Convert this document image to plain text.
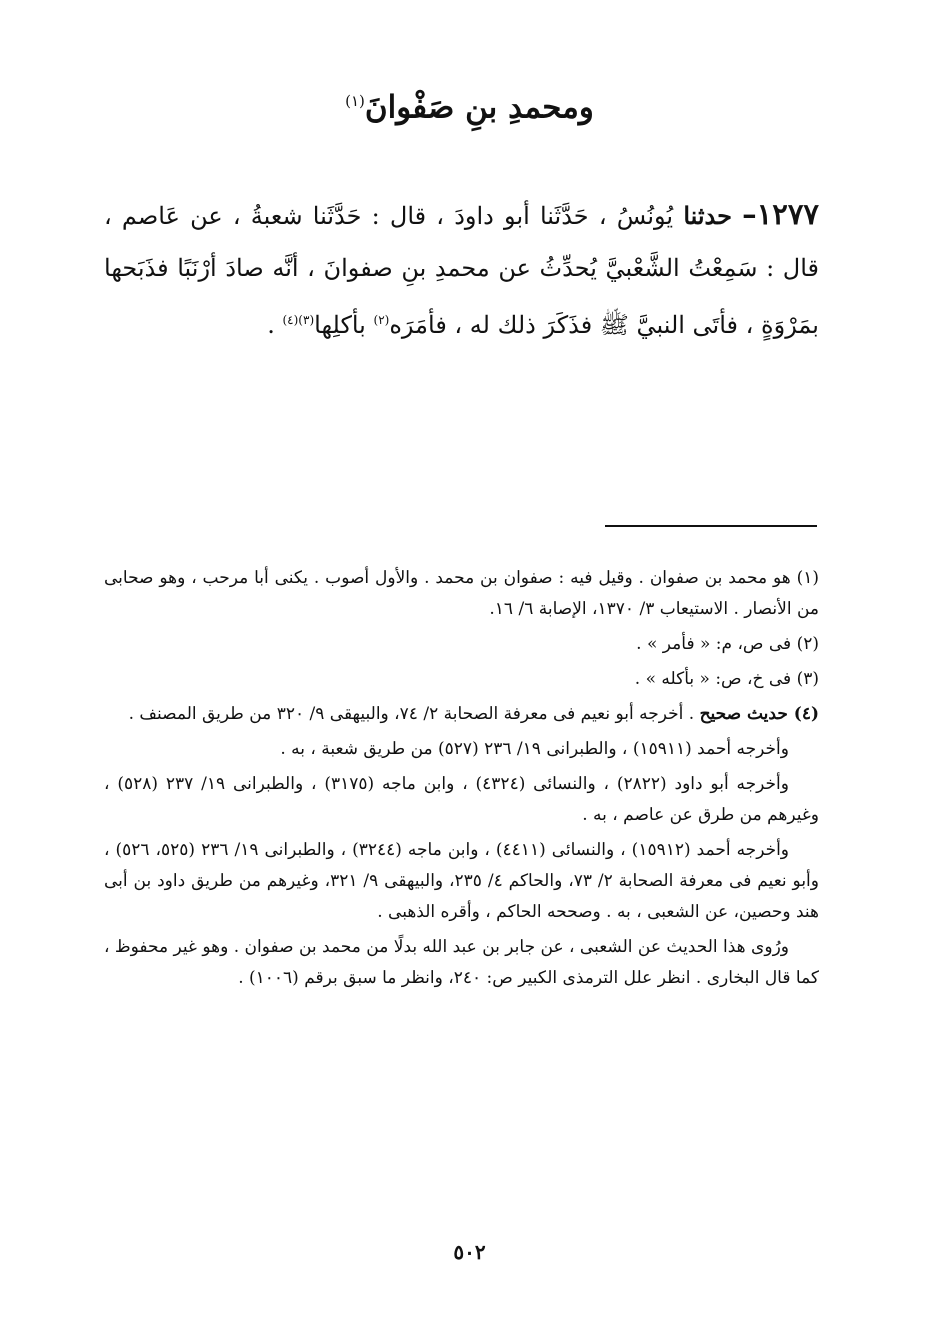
ومحمدِ بنِ صَفْوانَ$^{(١)}$
١٢٧٧– حدثنا يُونُسُ ، حَدَّثَنا أبو داودَ ، قال : حَدَّثَنا شعبةُ ، عن عَاصم ، قال : سَمِعْتُ الشَّعْبيَّ يُحدِّثُ عن محمدِ بنِ صفوانَ ، أنَّه صادَ أرْنَبًا فذَبَحها بمَرْوَةٍ ، فأتَى النبيَّ ﷺ فذَكَرَ ذلك له ، فأمَرَه$^{(٢)}$ بأكلِها$^{(٣)(٤)}$ .

(١) هو محمد بن صفوان . وقيل فيه : صفوان بن محمد . والأول أصوب . يكنى أبا مرحب ، وهو صحابى من الأنصار . الاستيعاب ٣/ ١٣٧٠، الإصابة ٦/ ١٦.

(٢) فى ص، م: « فأمر » .

(٣) فى خ، ص: « بأكله » .

(٤) حديث صحيح . أخرجه أبو نعيم فى معرفة الصحابة ٢/ ٧٤، والبيهقى ٩/ ٣٢٠ من طريق المصنف .

وأخرجه أحمد (١٥٩١١) ، والطبرانى ١٩/ ٢٣٦ (٥٢٧) من طريق شعبة ، به .

وأخرجه أبو داود (٢٨٢٢) ، والنسائى (٤٣٢٤) ، وابن ماجه (٣١٧٥) ، والطبرانى ١٩/ ٢٣٧ (٥٢٨) ، وغيرهم من طرق عن عاصم ، به .

وأخرجه أحمد (١٥٩١٢) ، والنسائى (٤٤١١) ، وابن ماجه (٣٢٤٤) ، والطبرانى ١٩/ ٢٣٦ (٥٢٥، ٥٢٦) ، وأبو نعيم فى معرفة الصحابة ٢/ ٧٣، والحاكم ٤/ ٢٣٥، والبيهقى ٩/ ٣٢١، وغيرهم من طريق داود بن أبى هند وحصين، عن الشعبى ، به . وصححه الحاكم ، وأقره الذهبى .

ورُوى هذا الحديث عن الشعبى ، عن جابر بن عبد الله بدلًا من محمد بن صفوان . وهو غير محفوظ ، كما قال البخارى . انظر علل الترمذى الكبير ص: ٢٤٠، وانظر ما سبق برقم (١٠٠٦) .

٥٠٢
